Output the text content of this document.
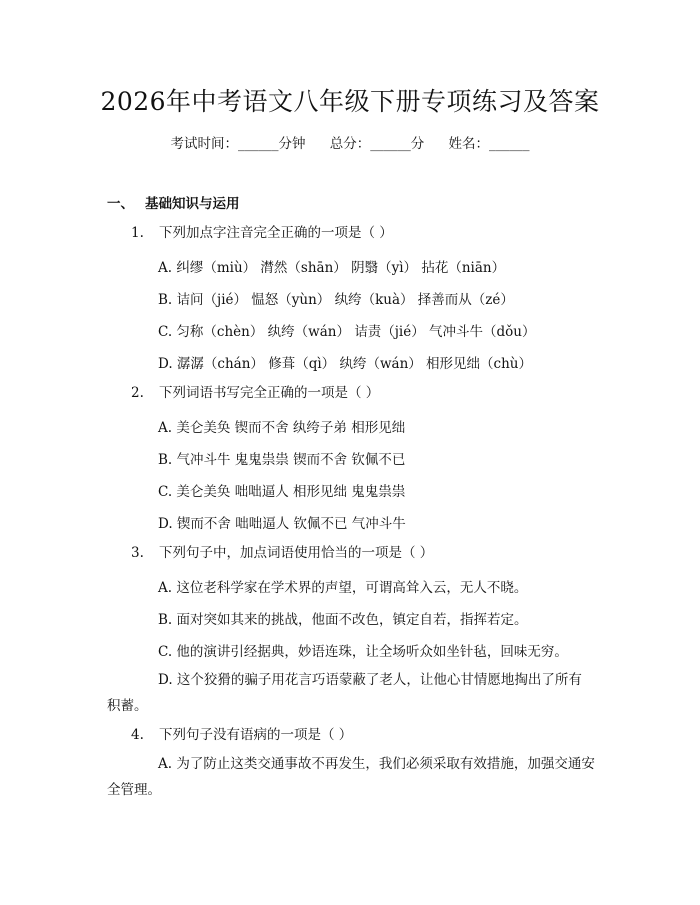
2026年中考语文八年级下册专项练习及答案
考试时间：______分钟 总分：______分 姓名：______
一、 基础知识与运用
1. 下列加点字注音完全正确的一项是（ ）
A. 纠缪（miù） 潸然（shān） 阴翳（yì） 拈花（niān）
B. 诘问（jié） 愠怒（yùn） 纨绔（kuà） 择善而从（zé）
C. 匀称（chèn） 纨绔（wán） 诘责（jié） 气冲斗牛（dǒu）
D. 潺潺（chán） 修葺（qì） 纨绔（wán） 相形见绌（chù）
2. 下列词语书写完全正确的一项是（ ）
A. 美仑美奂 锲而不舍 纨绔子弟 相形见绌
B. 气冲斗牛 鬼鬼祟祟 锲而不舍 钦佩不已
C. 美仑美奂 咄咄逼人 相形见绌 鬼鬼祟祟
D. 锲而不舍 咄咄逼人 钦佩不已 气冲斗牛
3. 下列句子中，加点词语使用恰当的一项是（ ）
A. 这位老科学家在学术界的声望，可谓高耸入云，无人不晓。
B. 面对突如其来的挑战，他面不改色，镇定自若，指挥若定。
C. 他的演讲引经据典，妙语连珠，让全场听众如坐针毡，回味无穷。
D. 这个狡猾的骗子用花言巧语蒙蔽了老人，让他心甘情愿地掏出了所有积蓄。
4. 下列句子没有语病的一项是（ ）
A. 为了防止这类交通事故不再发生，我们必须采取有效措施，加强交通安全管理。
